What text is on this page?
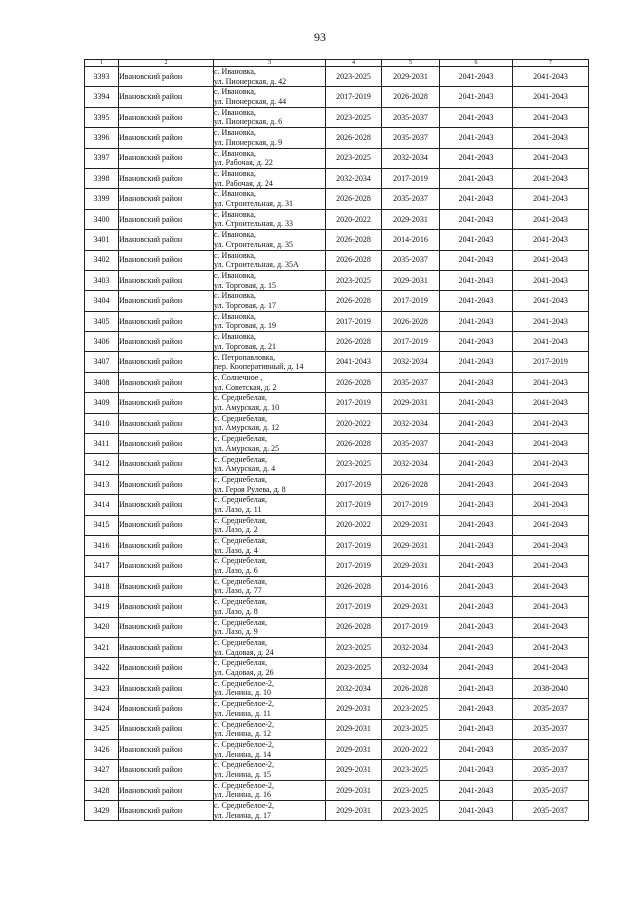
93
1	2	3	4	5	6	7
3393	Ивановский район	с. Ивановка,
ул. Пионерская, д. 42	2023-2025	2029-2031	2041-2043	2041-2043
3394	Ивановский район	с. Ивановка,
ул. Пионерская, д. 44	2017-2019	2026-2028	2041-2043	2041-2043
3395	Ивановский район	с. Ивановка,
ул. Пионерская, д. 6	2023-2025	2035-2037	2041-2043	2041-2043
3396	Ивановский район	с. Ивановка,
ул. Пионерская, д. 9	2026-2028	2035-2037	2041-2043	2041-2043
3397	Ивановский район	с. Ивановка,
ул. Рабочая, д. 22	2023-2025	2032-2034	2041-2043	2041-2043
3398	Ивановский район	с. Ивановка,
ул. Рабочая, д. 24	2032-2034	2017-2019	2041-2043	2041-2043
3399	Ивановский район	с. Ивановка,
ул. Строительная, д. 31	2026-2028	2035-2037	2041-2043	2041-2043
3400	Ивановский район	с. Ивановка,
ул. Строительная, д. 33	2020-2022	2029-2031	2041-2043	2041-2043
3401	Ивановский район	с. Ивановка,
ул. Строительная, д. 35	2026-2028	2014-2016	2041-2043	2041-2043
3402	Ивановский район	с. Ивановка,
ул. Строительная, д. 35А	2026-2028	2035-2037	2041-2043	2041-2043
3403	Ивановский район	с. Ивановка,
ул. Торговая, д. 15	2023-2025	2029-2031	2041-2043	2041-2043
3404	Ивановский район	с. Ивановка,
ул. Торговая, д. 17	2026-2028	2017-2019	2041-2043	2041-2043
3405	Ивановский район	с. Ивановка,
ул. Торговая, д. 19	2017-2019	2026-2028	2041-2043	2041-2043
3406	Ивановский район	с. Ивановка,
ул. Торговая, д. 21	2026-2028	2017-2019	2041-2043	2041-2043
3407	Ивановский район	с. Петропавловка,
пер. Кооперативный, д. 14	2041-2043	2032-2034	2041-2043	2017-2019
3408	Ивановский район	с. Солнечное ,
ул. Советская, д. 2	2026-2028	2035-2037	2041-2043	2041-2043
3409	Ивановский район	с. Среднебелая,
ул. Амурская, д. 10	2017-2019	2029-2031	2041-2043	2041-2043
3410	Ивановский район	с. Среднебелая,
ул. Амурская, д. 12	2020-2022	2032-2034	2041-2043	2041-2043
3411	Ивановский район	с. Среднебелая,
ул. Амурская, д. 25	2026-2028	2035-2037	2041-2043	2041-2043
3412	Ивановский район	с. Среднебелая,
ул. Амурская, д. 4	2023-2025	2032-2034	2041-2043	2041-2043
3413	Ивановский район	с. Среднебелая,
ул. Героя Рулева, д. 8	2017-2019	2026-2028	2041-2043	2041-2043
3414	Ивановский район	с. Среднебелая,
ул. Лазо, д. 11	2017-2019	2017-2019	2041-2043	2041-2043
3415	Ивановский район	с. Среднебелая,
ул. Лазо, д. 2	2020-2022	2029-2031	2041-2043	2041-2043
3416	Ивановский район	с. Среднебелая,
ул. Лазо, д. 4	2017-2019	2029-2031	2041-2043	2041-2043
3417	Ивановский район	с. Среднебелая,
ул. Лазо, д. 6	2017-2019	2029-2031	2041-2043	2041-2043
3418	Ивановский район	с. Среднебелая,
ул. Лазо, д. 77	2026-2028	2014-2016	2041-2043	2041-2043
3419	Ивановский район	с. Среднебелая,
ул. Лазо, д. 8	2017-2019	2029-2031	2041-2043	2041-2043
3420	Ивановский район	с. Среднебелая,
ул. Лазо, д. 9	2026-2028	2017-2019	2041-2043	2041-2043
3421	Ивановский район	с. Среднебелая,
ул. Садовая, д. 24	2023-2025	2032-2034	2041-2043	2041-2043
3422	Ивановский район	с. Среднебелая,
ул. Садовая, д. 26	2023-2025	2032-2034	2041-2043	2041-2043
3423	Ивановский район	с. Среднебелое-2,
ул. Ленина, д. 10	2032-2034	2026-2028	2041-2043	2038-2040
3424	Ивановский район	с. Среднебелое-2,
ул. Ленина, д. 11	2029-2031	2023-2025	2041-2043	2035-2037
3425	Ивановский район	с. Среднебелое-2,
ул. Ленина, д. 12	2029-2031	2023-2025	2041-2043	2035-2037
3426	Ивановский район	с. Среднебелое-2,
ул. Ленина, д. 14	2029-2031	2020-2022	2041-2043	2035-2037
3427	Ивановский район	с. Среднебелое-2,
ул. Ленина, д. 15	2029-2031	2023-2025	2041-2043	2035-2037
3428	Ивановский район	с. Среднебелое-2,
ул. Ленина, д. 16	2029-2031	2023-2025	2041-2043	2035-2037
3429	Ивановский район	с. Среднебелое-2,
ул. Ленина, д. 17	2029-2031	2023-2025	2041-2043	2035-2037
